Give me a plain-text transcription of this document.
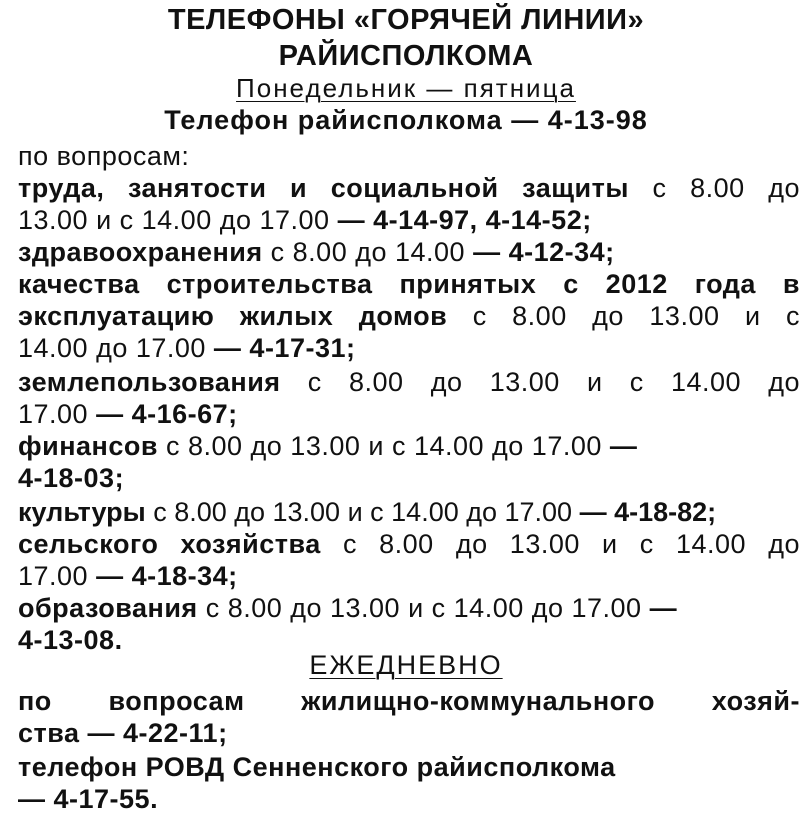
ТЕЛЕФОНЫ «ГОРЯЧЕЙ ЛИНИИ»
РАЙИСПОЛКОМА
Понедельник — пятница
Телефон райисполкома — 4-13-98
по вопросам:
труда, занятости и социальной защиты с 8.00 до
13.00 и с 14.00 до 17.00 — 4-14-97, 4-14-52;
здравоохранения с 8.00 до 14.00 — 4-12-34;
качества строительства принятых с 2012 года в
эксплуатацию жилых домов с 8.00 до 13.00 и с
14.00 до 17.00 — 4-17-31;
землепользования с 8.00 до 13.00 и с 14.00 до
17.00 — 4-16-67;
финансов с 8.00 до 13.00 и с 14.00 до 17.00 —
4-18-03;
культуры с 8.00 до 13.00 и с 14.00 до 17.00 — 4-18-82;
сельского хозяйства с 8.00 до 13.00 и с 14.00 до
17.00 — 4-18-34;
образования с 8.00 до 13.00 и с 14.00 до 17.00 —
4-13-08.
ЕЖЕДНЕВНО
по вопросам жилищно-коммунального хозяй-
ства — 4-22-11;
телефон РОВД Сенненского райисполкома
— 4-17-55.
